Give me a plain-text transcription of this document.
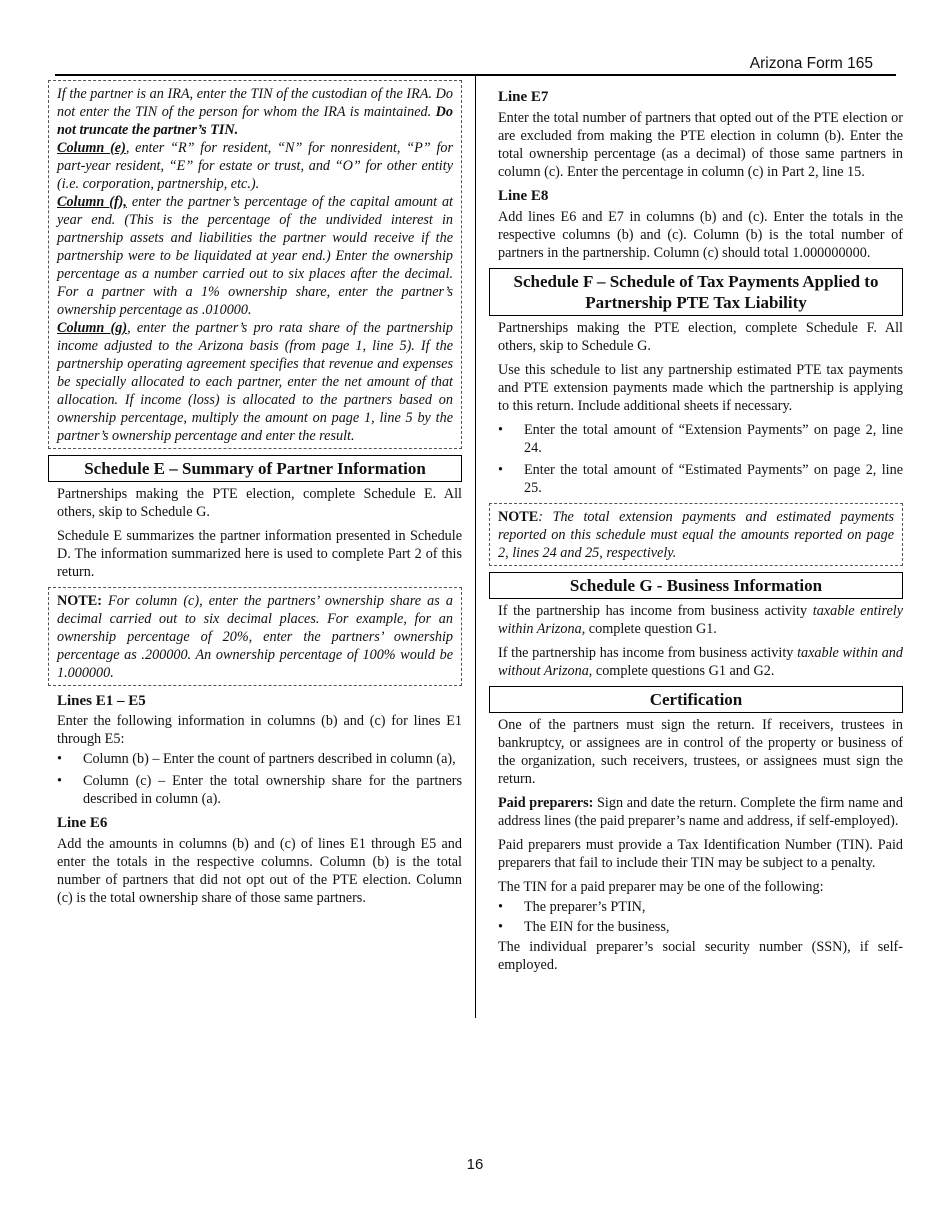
Arizona Form 165

If the partner is an IRA, enter the TIN of the custodian of the IRA. Do not enter the TIN of the person for whom the IRA is maintained. Do not truncate the partner’s TIN.

Column (e), enter “R” for resident, “N” for nonresident, “P” for part-year resident, “E” for estate or trust, and “O” for other entity (i.e. corporation, partnership, etc.).

Column (f), enter the partner’s percentage of the capital amount at year end. (This is the percentage of the undivided interest in partnership assets and liabilities the partner would receive if the partnership were to be liquidated at year end.) Enter the ownership percentage as a number carried out to six places after the decimal. For a partner with a 1% ownership share, enter the partner’s ownership percentage as .010000.

Column (g), enter the partner’s pro rata share of the partnership income adjusted to the Arizona basis (from page 1, line 5). If the partnership operating agreement specifies that revenue and expenses be specially allocated to each partner, enter the net amount of that allocation. If income (loss) is allocated to the partners based on ownership percentage, multiply the amount on page 1, line 5 by the partner’s ownership percentage and enter the result.

Schedule E – Summary of Partner Information

Partnerships making the PTE election, complete Schedule E. All others, skip to Schedule G.

Schedule E summarizes the partner information presented in Schedule D. The information summarized here is used to complete Part 2 of this return.

NOTE: For column (c), enter the partners’ ownership share as a decimal carried out to six decimal places. For example, for an ownership percentage of 20%, enter the partners’ ownership percentage as .200000. An ownership percentage of 100% would be 1.000000.
Lines E1 – E5

Enter the following information in columns (b) and (c) for lines E1 through E5:

• Column (b) – Enter the count of partners described in column (a),
• Column (c) – Enter the total ownership share for the partners described in column (a).
Line E6

Add the amounts in columns (b) and (c) of lines E1 through E5 and enter the totals in the respective columns. Column (b) is the total number of partners that did not opt out of the PTE election. Column (c) is the total ownership share of those same partners.

Line E7

Enter the total number of partners that opted out of the PTE election or are excluded from making the PTE election in column (b). Enter the total ownership percentage (as a decimal) of those same partners in column (c). Enter the percentage in column (c) in Part 2, line 15.

Line E8

Add lines E6 and E7 in columns (b) and (c). Enter the totals in the respective columns (b) and (c). Column (b) is the total number of partners in the partnership. Column (c) should total 1.000000000.

Schedule F – Schedule of Tax Payments Applied to Partnership PTE Tax Liability

Partnerships making the PTE election, complete Schedule F. All others, skip to Schedule G.

Use this schedule to list any partnership estimated PTE tax payments and PTE extension payments made which the partnership is applying to this return. Include additional sheets if necessary.

• Enter the total amount of “Extension Payments” on page 2, line 24.
• Enter the total amount of “Estimated Payments” on page 2, line 25.
NOTE: The total extension payments and estimated payments reported on this schedule must equal the amounts reported on page 2, lines 24 and 25, respectively.
Schedule G - Business Information

If the partnership has income from business activity taxable entirely within Arizona, complete question G1.

If the partnership has income from business activity taxable within and without Arizona, complete questions G1 and G2.

Certification

One of the partners must sign the return. If receivers, trustees in bankruptcy, or assignees are in control of the property or business of the organization, such receivers, trustees, or assignees must sign the return.

Paid preparers: Sign and date the return. Complete the firm name and address lines (the paid preparer’s name and address, if self-employed).

Paid preparers must provide a Tax Identification Number (TIN). Paid preparers that fail to include their TIN may be subject to a penalty.

The TIN for a paid preparer may be one of the following:

• The preparer’s PTIN,
• The EIN for the business,

The individual preparer’s social security number (SSN), if self-employed.

16
